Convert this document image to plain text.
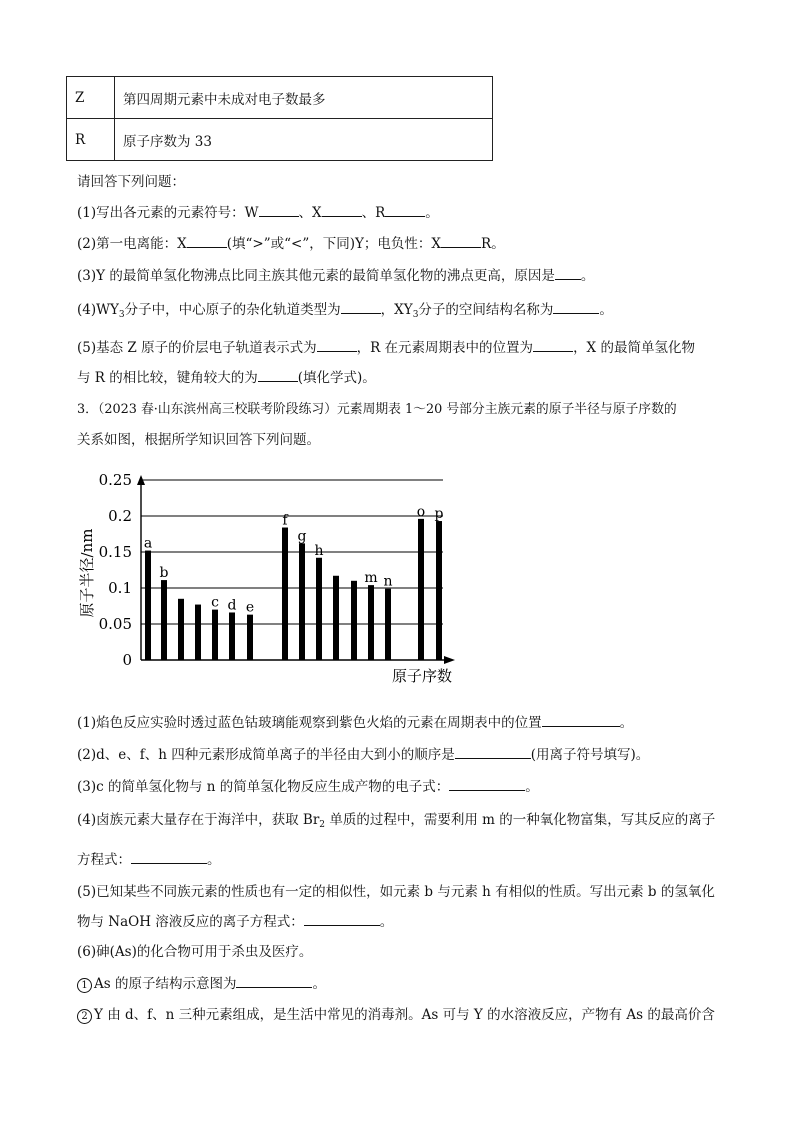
Z	第四周期元素中未成对电子数最多
R	原子序数为 33
请回答下列问题：
(1)写出各元素的元素符号：W	、X	、R	。
(2)第一电离能：X	(填“>”或“<”，下同)Y；电负性：X	R。
(3)Y 的最简单氢化物沸点比同主族其他元素的最简单氢化物的沸点更高，原因是 。
$(4)WY_3$分子中，中心原子的杂化轨道类型为	，$XY_3$分子的空间结构名称为	。
(5)基态 Z 原子的价层电子轨道表示式为	，R 在元素周期表中的位置为	，X 的最简单氢化物
与 R 的相比较，键角较大的为	(填化学式)。
3．（2023 春·山东滨州高三校联考阶段练习）元素周期表 1～20 号部分主族元素的原子半径与原子序数的
关系如图，根据所学知识回答下列问题。
a
b
c d e
f
g
h
m n
o p
0
0.05
0.1
0.15
0.2
0.25
原子半径/nm
原子序数
(1)焰色反应实验时透过蓝色钴玻璃能观察到紫色火焰的元素在周期表中的位置	。
(2)d、e、f、h 四种元素形成简单离子的半径由大到小的顺序是	(用离子符号填写)。
(3)c 的简单氢化物与 n 的简单氢化物反应生成产物的电子式：	。
(4)卤族元素大量存在于海洋中，获取 $Br_2$ 单质的过程中，需要利用 m 的一种氧化物富集，写其反应的离子
方程式：	。
(5)已知某些不同族元素的性质也有一定的相似性，如元素 b 与元素 h 有相似的性质。写出元素 b 的氢氧化
物与 NaOH 溶液反应的离子方程式：	。
(6)砷(As)的化合物可用于杀虫及医疗。
1 As 的原子结构示意图为	。
2 Y 由 d、f、n 三种元素组成，是生活中常见的消毒剂。As 可与 Y 的水溶液反应，产物有 As 的最高价含
